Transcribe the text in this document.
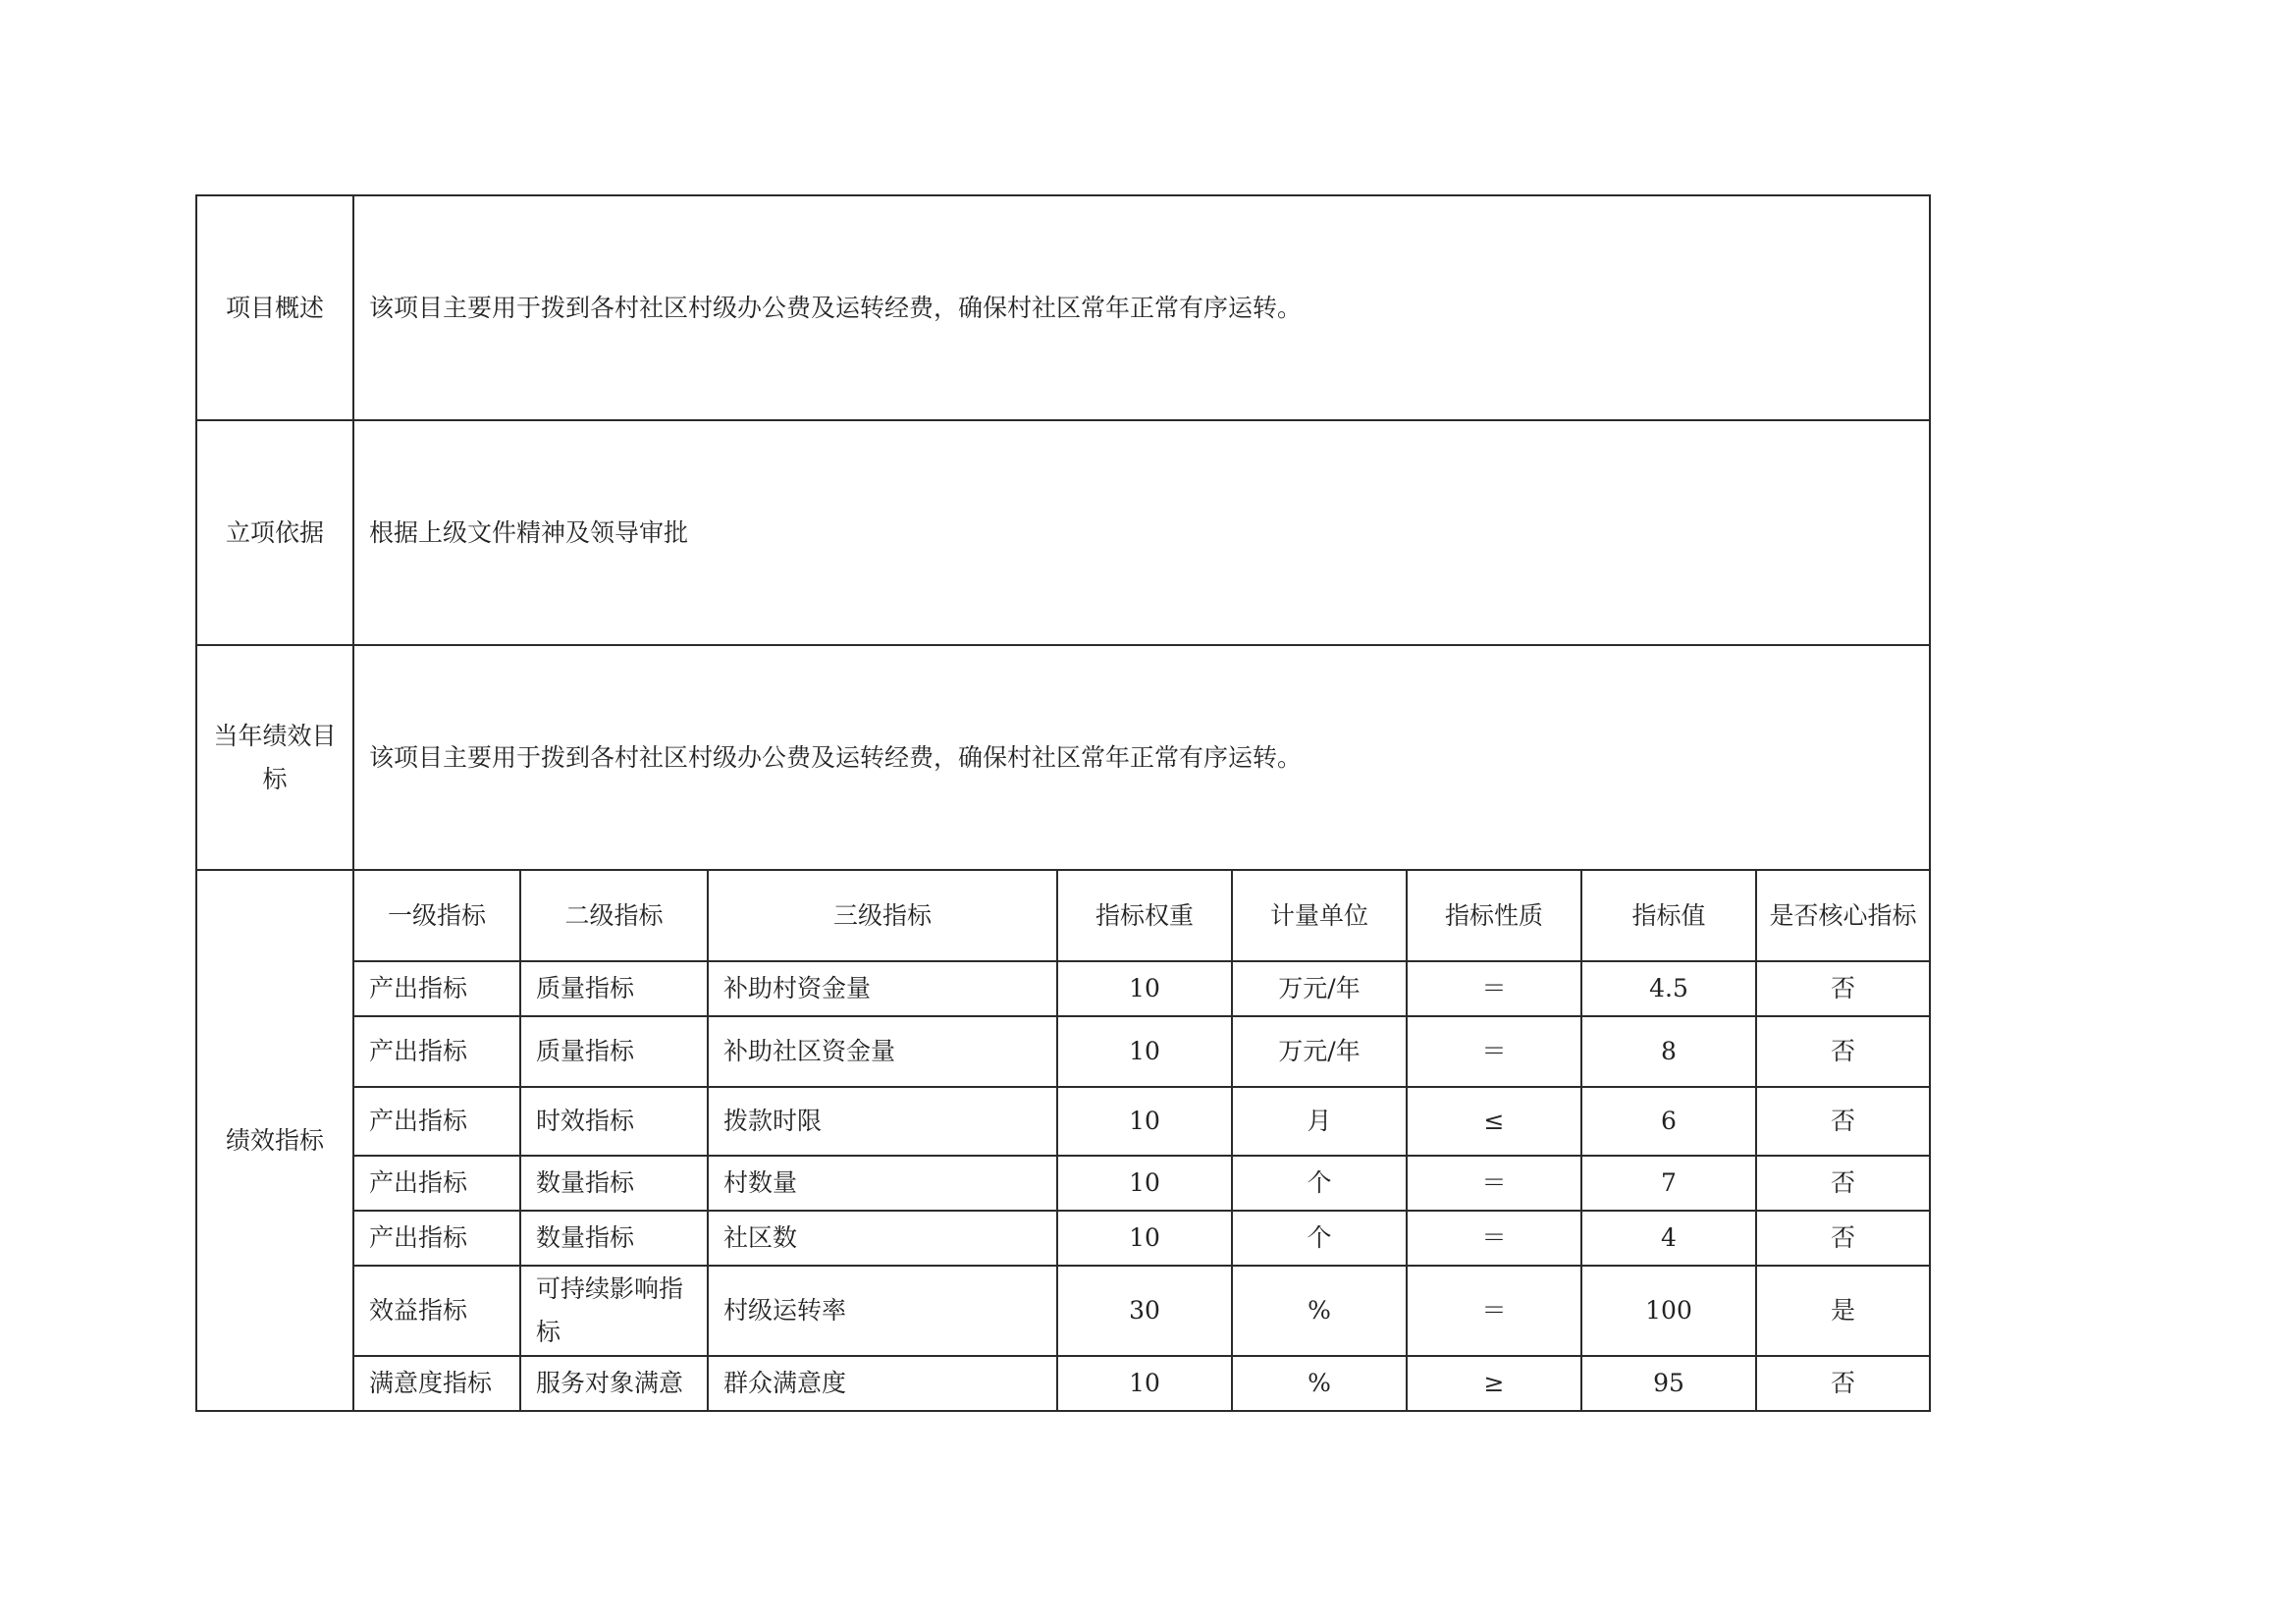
项目概述	该项目主要用于拨到各村社区村级办公费及运转经费，确保村社区常年正常有序运转。							
立项依据	根据上级文件精神及领导审批							
当年绩效目标	该项目主要用于拨到各村社区村级办公费及运转经费，确保村社区常年正常有序运转。							
绩效指标	一级指标	二级指标	三级指标	指标权重	计量单位	指标性质	指标值	是否核心指标
	产出指标	质量指标	补助村资金量	10	万元/年	＝	4.5	否
	产出指标	质量指标	补助社区资金量	10	万元/年	＝	8	否
	产出指标	时效指标	拨款时限	10	月	≤	6	否
	产出指标	数量指标	村数量	10	个	＝	7	否
	产出指标	数量指标	社区数	10	个	＝	4	否
	效益指标	可持续影响指标	村级运转率	30	%	＝	100	是
	满意度指标	服务对象满意	群众满意度	10	%	≥	95	否
